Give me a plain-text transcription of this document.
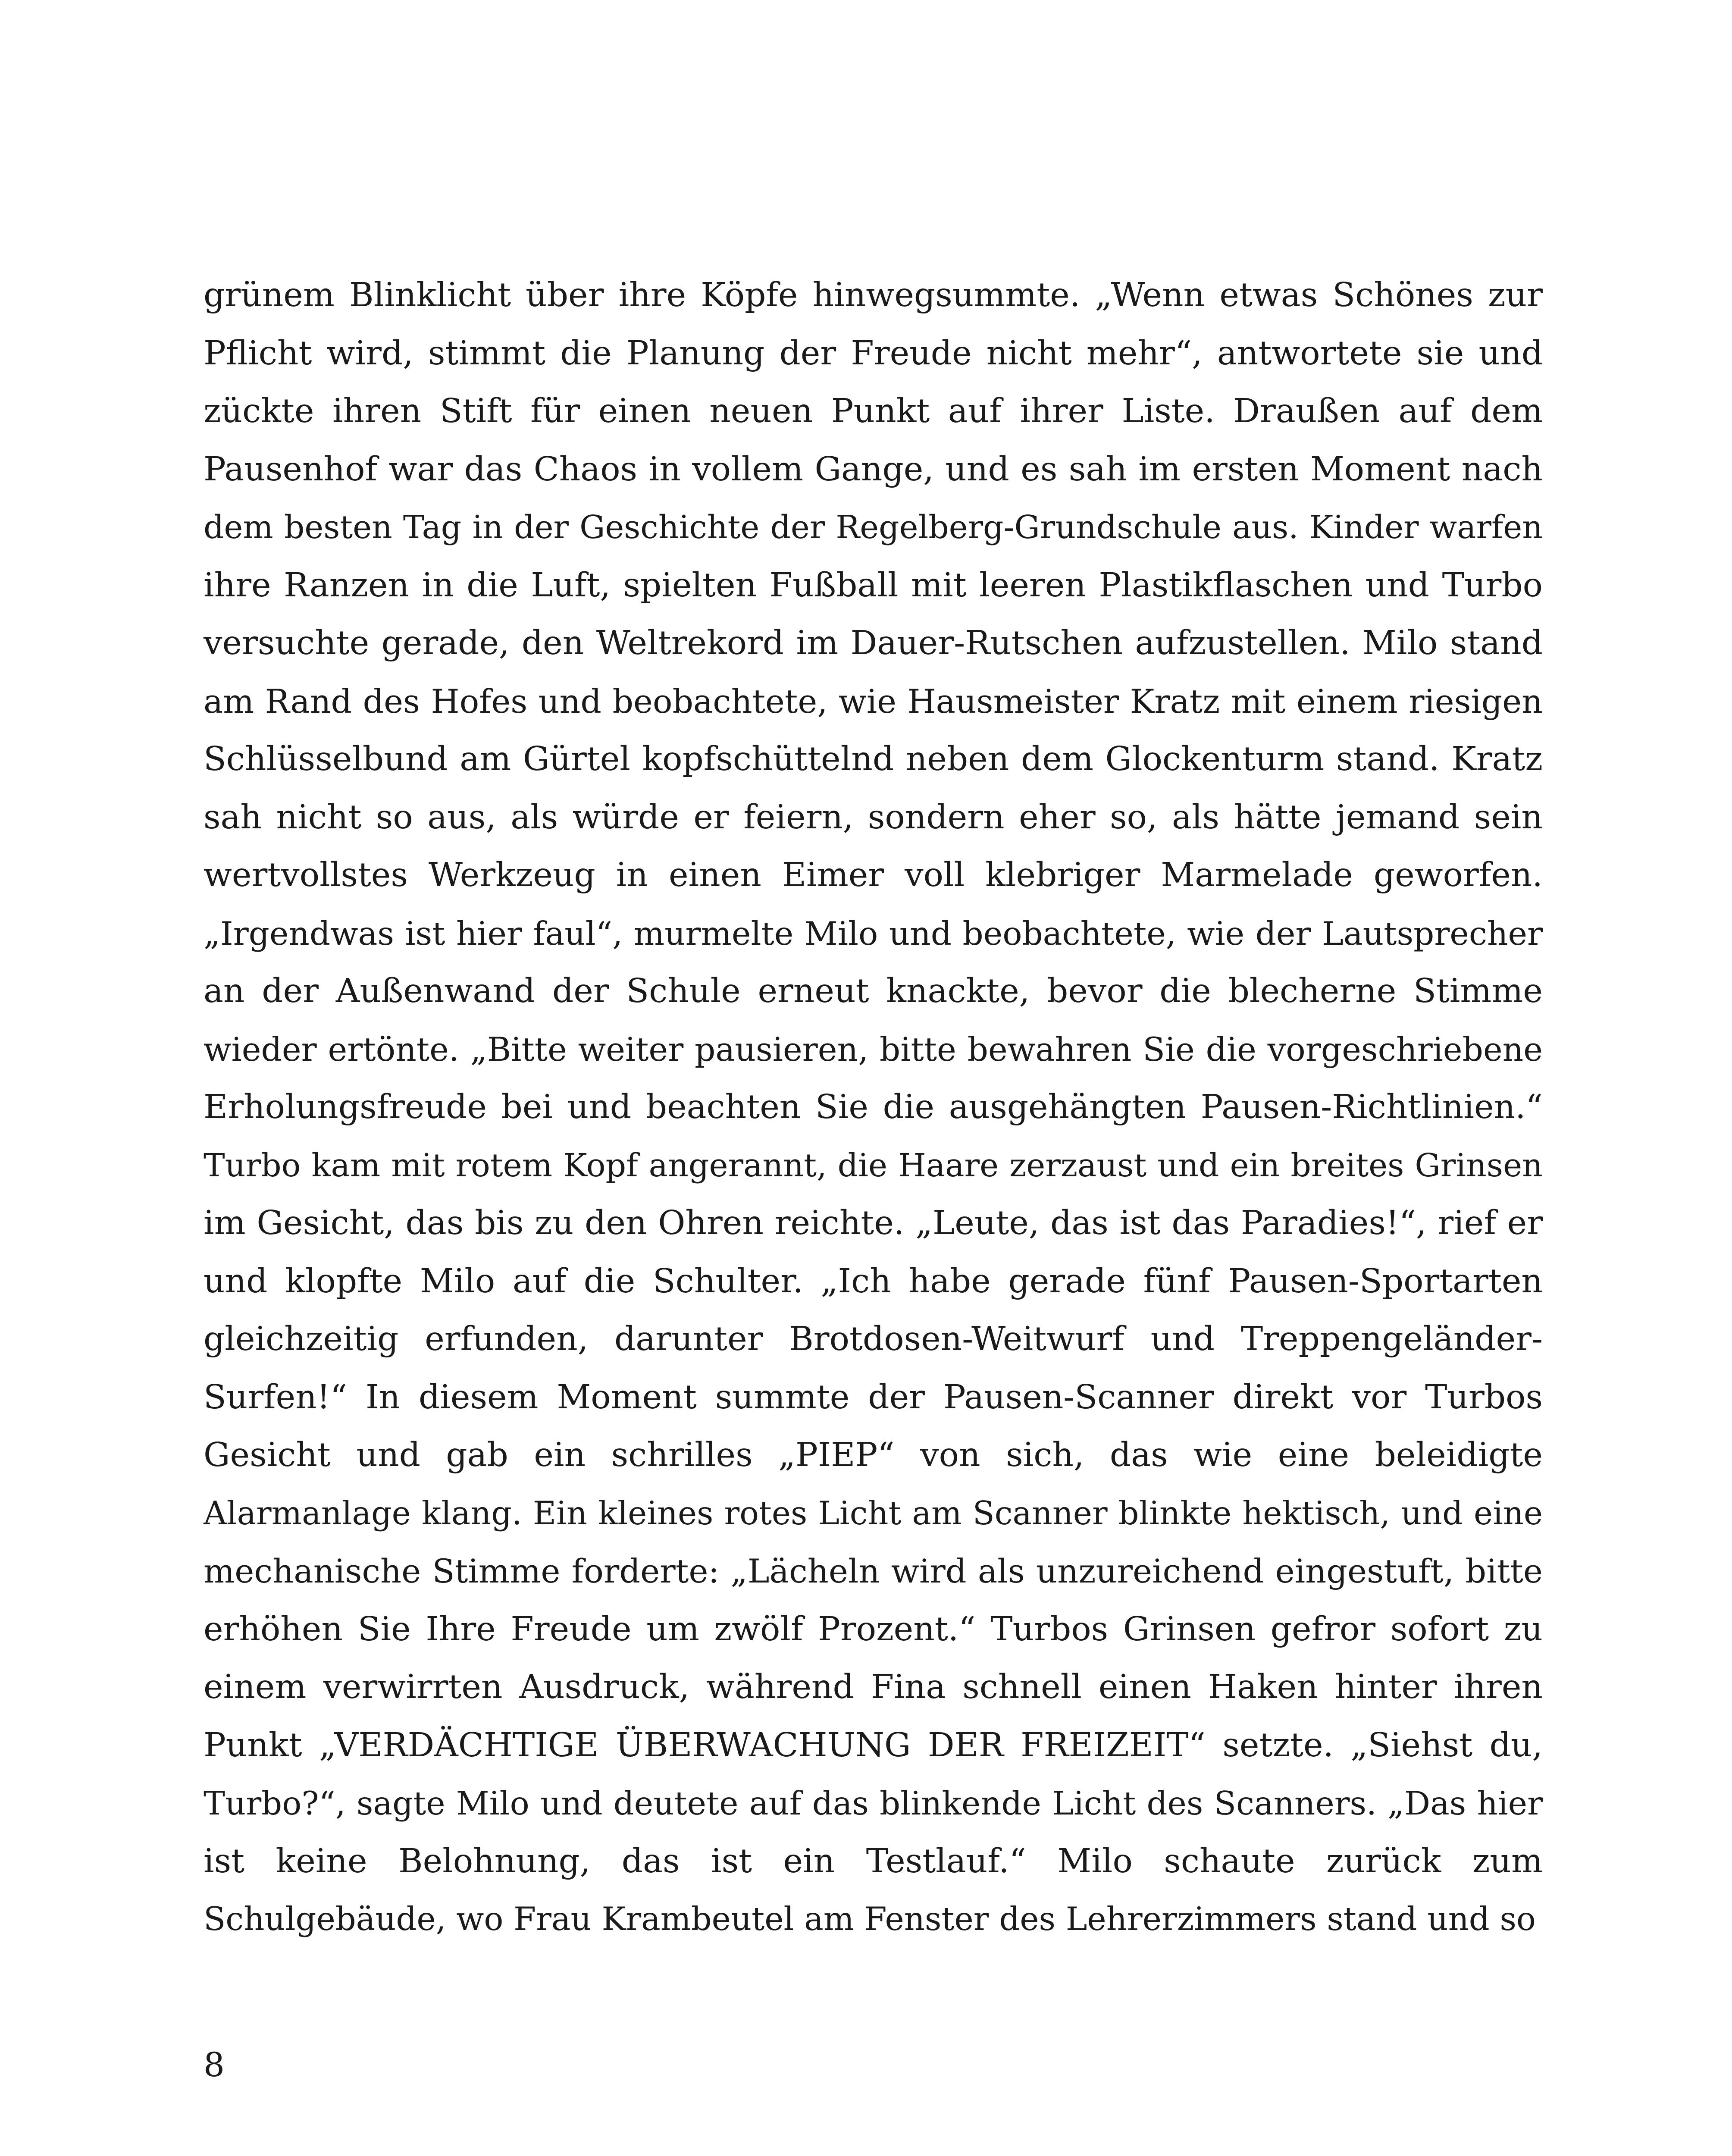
grünem Blinklicht über ihre Köpfe hinwegsummte. „Wenn etwas Schönes zur
Pflicht wird, stimmt die Planung der Freude nicht mehr“, antwortete sie und
zückte ihren Stift für einen neuen Punkt auf ihrer Liste. Draußen auf dem
Pausenhof war das Chaos in vollem Gange, und es sah im ersten Moment nach
dem besten Tag in der Geschichte der Regelberg-Grundschule aus. Kinder warfen
ihre Ranzen in die Luft, spielten Fußball mit leeren Plastikflaschen und Turbo
versuchte gerade, den Weltrekord im Dauer-Rutschen aufzustellen. Milo stand
am Rand des Hofes und beobachtete, wie Hausmeister Kratz mit einem riesigen
Schlüsselbund am Gürtel kopfschüttelnd neben dem Glockenturm stand. Kratz
sah nicht so aus, als würde er feiern, sondern eher so, als hätte jemand sein
wertvollstes Werkzeug in einen Eimer voll klebriger Marmelade geworfen.
„Irgendwas ist hier faul“, murmelte Milo und beobachtete, wie der Lautsprecher
an der Außenwand der Schule erneut knackte, bevor die blecherne Stimme
wieder ertönte. „Bitte weiter pausieren, bitte bewahren Sie die vorgeschriebene
Erholungsfreude bei und beachten Sie die ausgehängten Pausen-Richtlinien.“
Turbo kam mit rotem Kopf angerannt, die Haare zerzaust und ein breites Grinsen
im Gesicht, das bis zu den Ohren reichte. „Leute, das ist das Paradies!“, rief er
und klopfte Milo auf die Schulter. „Ich habe gerade fünf Pausen-Sportarten
gleichzeitig erfunden, darunter Brotdosen-Weitwurf und Treppengeländer-
Surfen!“ In diesem Moment summte der Pausen-Scanner direkt vor Turbos
Gesicht und gab ein schrilles „PIEP“ von sich, das wie eine beleidigte
Alarmanlage klang. Ein kleines rotes Licht am Scanner blinkte hektisch, und eine
mechanische Stimme forderte: „Lächeln wird als unzureichend eingestuft, bitte
erhöhen Sie Ihre Freude um zwölf Prozent.“ Turbos Grinsen gefror sofort zu
einem verwirrten Ausdruck, während Fina schnell einen Haken hinter ihren
Punkt „VERDÄCHTIGE ÜBERWACHUNG DER FREIZEIT“ setzte. „Siehst du,
Turbo?“, sagte Milo und deutete auf das blinkende Licht des Scanners. „Das hier
ist keine Belohnung, das ist ein Testlauf.“ Milo schaute zurück zum
Schulgebäude, wo Frau Krambeutel am Fenster des Lehrerzimmers stand und so
8
